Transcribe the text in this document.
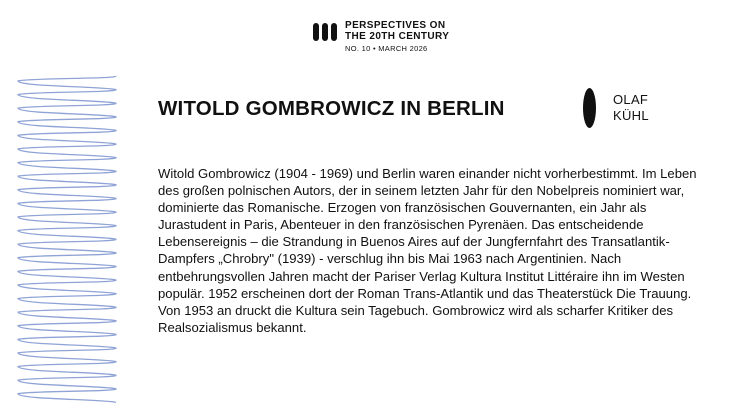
PERSPECTIVES ON
THE 20TH CENTURY
NO. 10 • MARCH 2026
WITOLD GOMBROWICZ IN BERLIN	OLAF
KÜHL

Witold Gombrowicz (1904 - 1969) und Berlin waren einander nicht vorherbestimmt. Im Leben des großen polnischen Autors, der in seinem letzten Jahr für den Nobelpreis nominiert war, dominierte das Romanische. Erzogen von französischen Gouvernanten, ein Jahr als Jurastudent in Paris, Abenteuer in den französischen Pyrenäen. Das entscheidende Lebensereignis – die Strandung in Buenos Aires auf der Jungfernfahrt des Transatlantik-Dampfers „Chrobry" (1939) - verschlug ihn bis Mai 1963 nach Argentinien. Nach entbehrungsvollen Jahren macht der Pariser Verlag Kultura Institut Littéraire ihn im Westen populär. 1952 erscheinen dort der Roman Trans-Atlantik und das Theaterstück Die Trauung. Von 1953 an druckt die Kultura sein Tagebuch. Gombrowicz wird als scharfer Kritiker des Realsozialismus bekannt.
